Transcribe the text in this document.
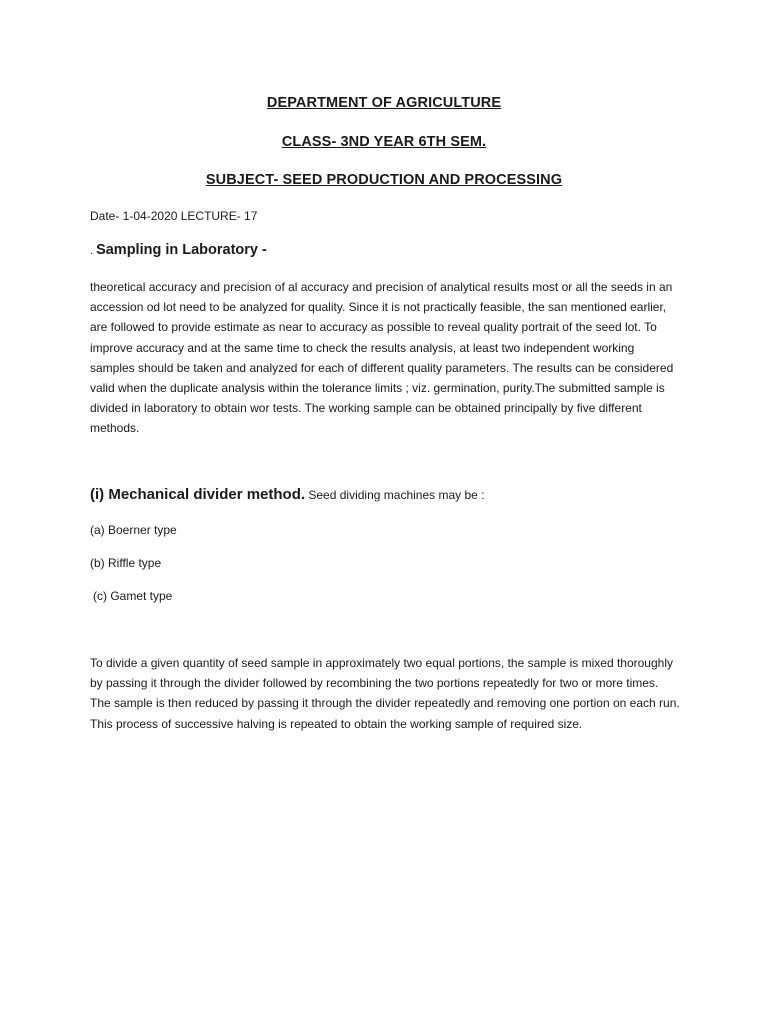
DEPARTMENT OF AGRICULTURE

CLASS- 3ND YEAR 6TH SEM.

SUBJECT- SEED PRODUCTION AND PROCESSING

Date- 1-04-2020 LECTURE- 17

. Sampling in Laboratory -

theoretical accuracy and precision of al accuracy and precision of analytical results most or all the seeds in an accession od lot need to be analyzed for quality. Since it is not practically feasible, the san mentioned earlier, are followed to provide estimate as near to accuracy as possible to reveal quality portrait of the seed lot. To improve accuracy and at the same time to check the results analysis, at least two independent working samples should be taken and analyzed for each of different quality parameters. The results can be considered valid when the duplicate analysis within the tolerance limits ; viz. germination, purity.The submitted sample is divided in laboratory to obtain wor tests. The working sample can be obtained principally by five different methods.

(i) Mechanical divider method. Seed dividing machines may be :

(a) Boerner type

(b) Riffle type

(c) Gamet type

To divide a given quantity of seed sample in approximately two equal portions, the sample is mixed thoroughly by passing it through the divider followed by recombining the two portions repeatedly for two or more times. The sample is then reduced by passing it through the divider repeatedly and removing one portion on each run. This process of successive halving is repeated to obtain the working sample of required size.
